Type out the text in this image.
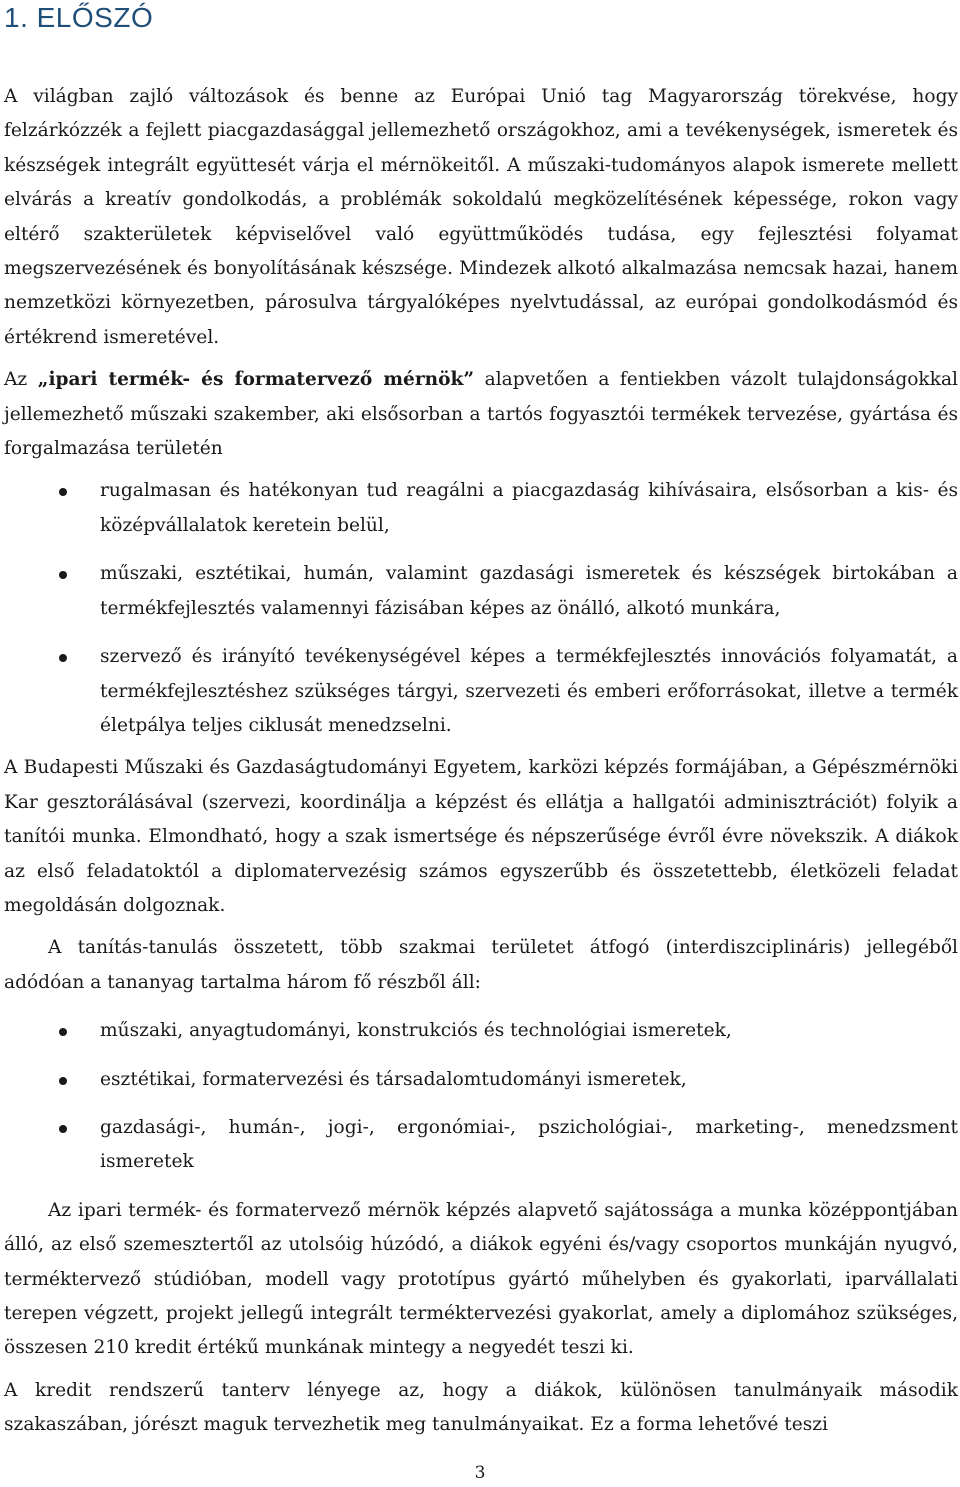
1. ELŐSZÓ

A világban zajló változások és benne az Európai Unió tag Magyarország törekvése, hogy felzárkózzék a fejlett piacgazdasággal jellemezhető országokhoz, ami a tevékenységek, ismeretek és készségek integrált együttesét várja el mérnökeitől. A műszaki-tudományos alapok ismerete mellett elvárás a kreatív gondolkodás, a problémák sokoldalú megközelítésének képessége, rokon vagy eltérő szakterületek képviselővel való együttműködés tudása, egy fejlesztési folyamat megszervezésének és bonyolításának készsége. Mindezek alkotó alkalmazása nemcsak hazai, hanem nemzetközi környezetben, párosulva tárgyalóképes nyelvtudással, az európai gondolkodásmód és értékrend ismeretével.

Az „ipari termék- és formatervező mérnök” alapvetően a fentiekben vázolt tulajdonságokkal jellemezhető műszaki szakember, aki elsősorban a tartós fogyasztói termékek tervezése, gyártása és forgalmazása területén

rugalmasan és hatékonyan tud reagálni a piacgazdaság kihívásaira, elsősorban a kis- és középvállalatok keretein belül,
műszaki, esztétikai, humán, valamint gazdasági ismeretek és készségek birtokában a termékfejlesztés valamennyi fázisában képes az önálló, alkotó munkára,
szervező és irányító tevékenységével képes a termékfejlesztés innovációs folyamatát, a termékfejlesztéshez szükséges tárgyi, szervezeti és emberi erőforrásokat, illetve a termék életpálya teljes ciklusát menedzselni.

A Budapesti Műszaki és Gazdaságtudományi Egyetem, karközi képzés formájában, a Gépészmérnöki Kar gesztorálásával (szervezi, koordinálja a képzést és ellátja a hallgatói adminisztrációt) folyik a tanítói munka. Elmondható, hogy a szak ismertsége és népszerűsége évről évre növekszik. A diákok az első feladatoktól a diplomatervezésig számos egyszerűbb és összetettebb, életközeli feladat megoldásán dolgoznak.

A tanítás-tanulás összetett, több szakmai területet átfogó (interdiszciplináris) jellegéből adódóan a tananyag tartalma három fő részből áll:

műszaki, anyagtudományi, konstrukciós és technológiai ismeretek,
esztétikai, formatervezési és társadalomtudományi ismeretek,
gazdasági-, humán-, jogi-, ergonómiai-, pszichológiai-, marketing-, menedzsment ismeretek

Az ipari termék- és formatervező mérnök képzés alapvető sajátossága a munka középpontjában álló, az első szemesztertől az utolsóig húzódó, a diákok egyéni és/vagy csoportos munkáján nyugvó, terméktervező stúdióban, modell vagy prototípus gyártó műhelyben és gyakorlati, iparvállalati terepen végzett, projekt jellegű integrált terméktervezési gyakorlat, amely a diplomához szükséges, összesen 210 kredit értékű munkának mintegy a negyedét teszi ki.

A kredit rendszerű tanterv lényege az, hogy a diákok, különösen tanulmányaik második szakaszában, jórészt maguk tervezhetik meg tanulmányaikat. Ez a forma lehetővé teszi

3
